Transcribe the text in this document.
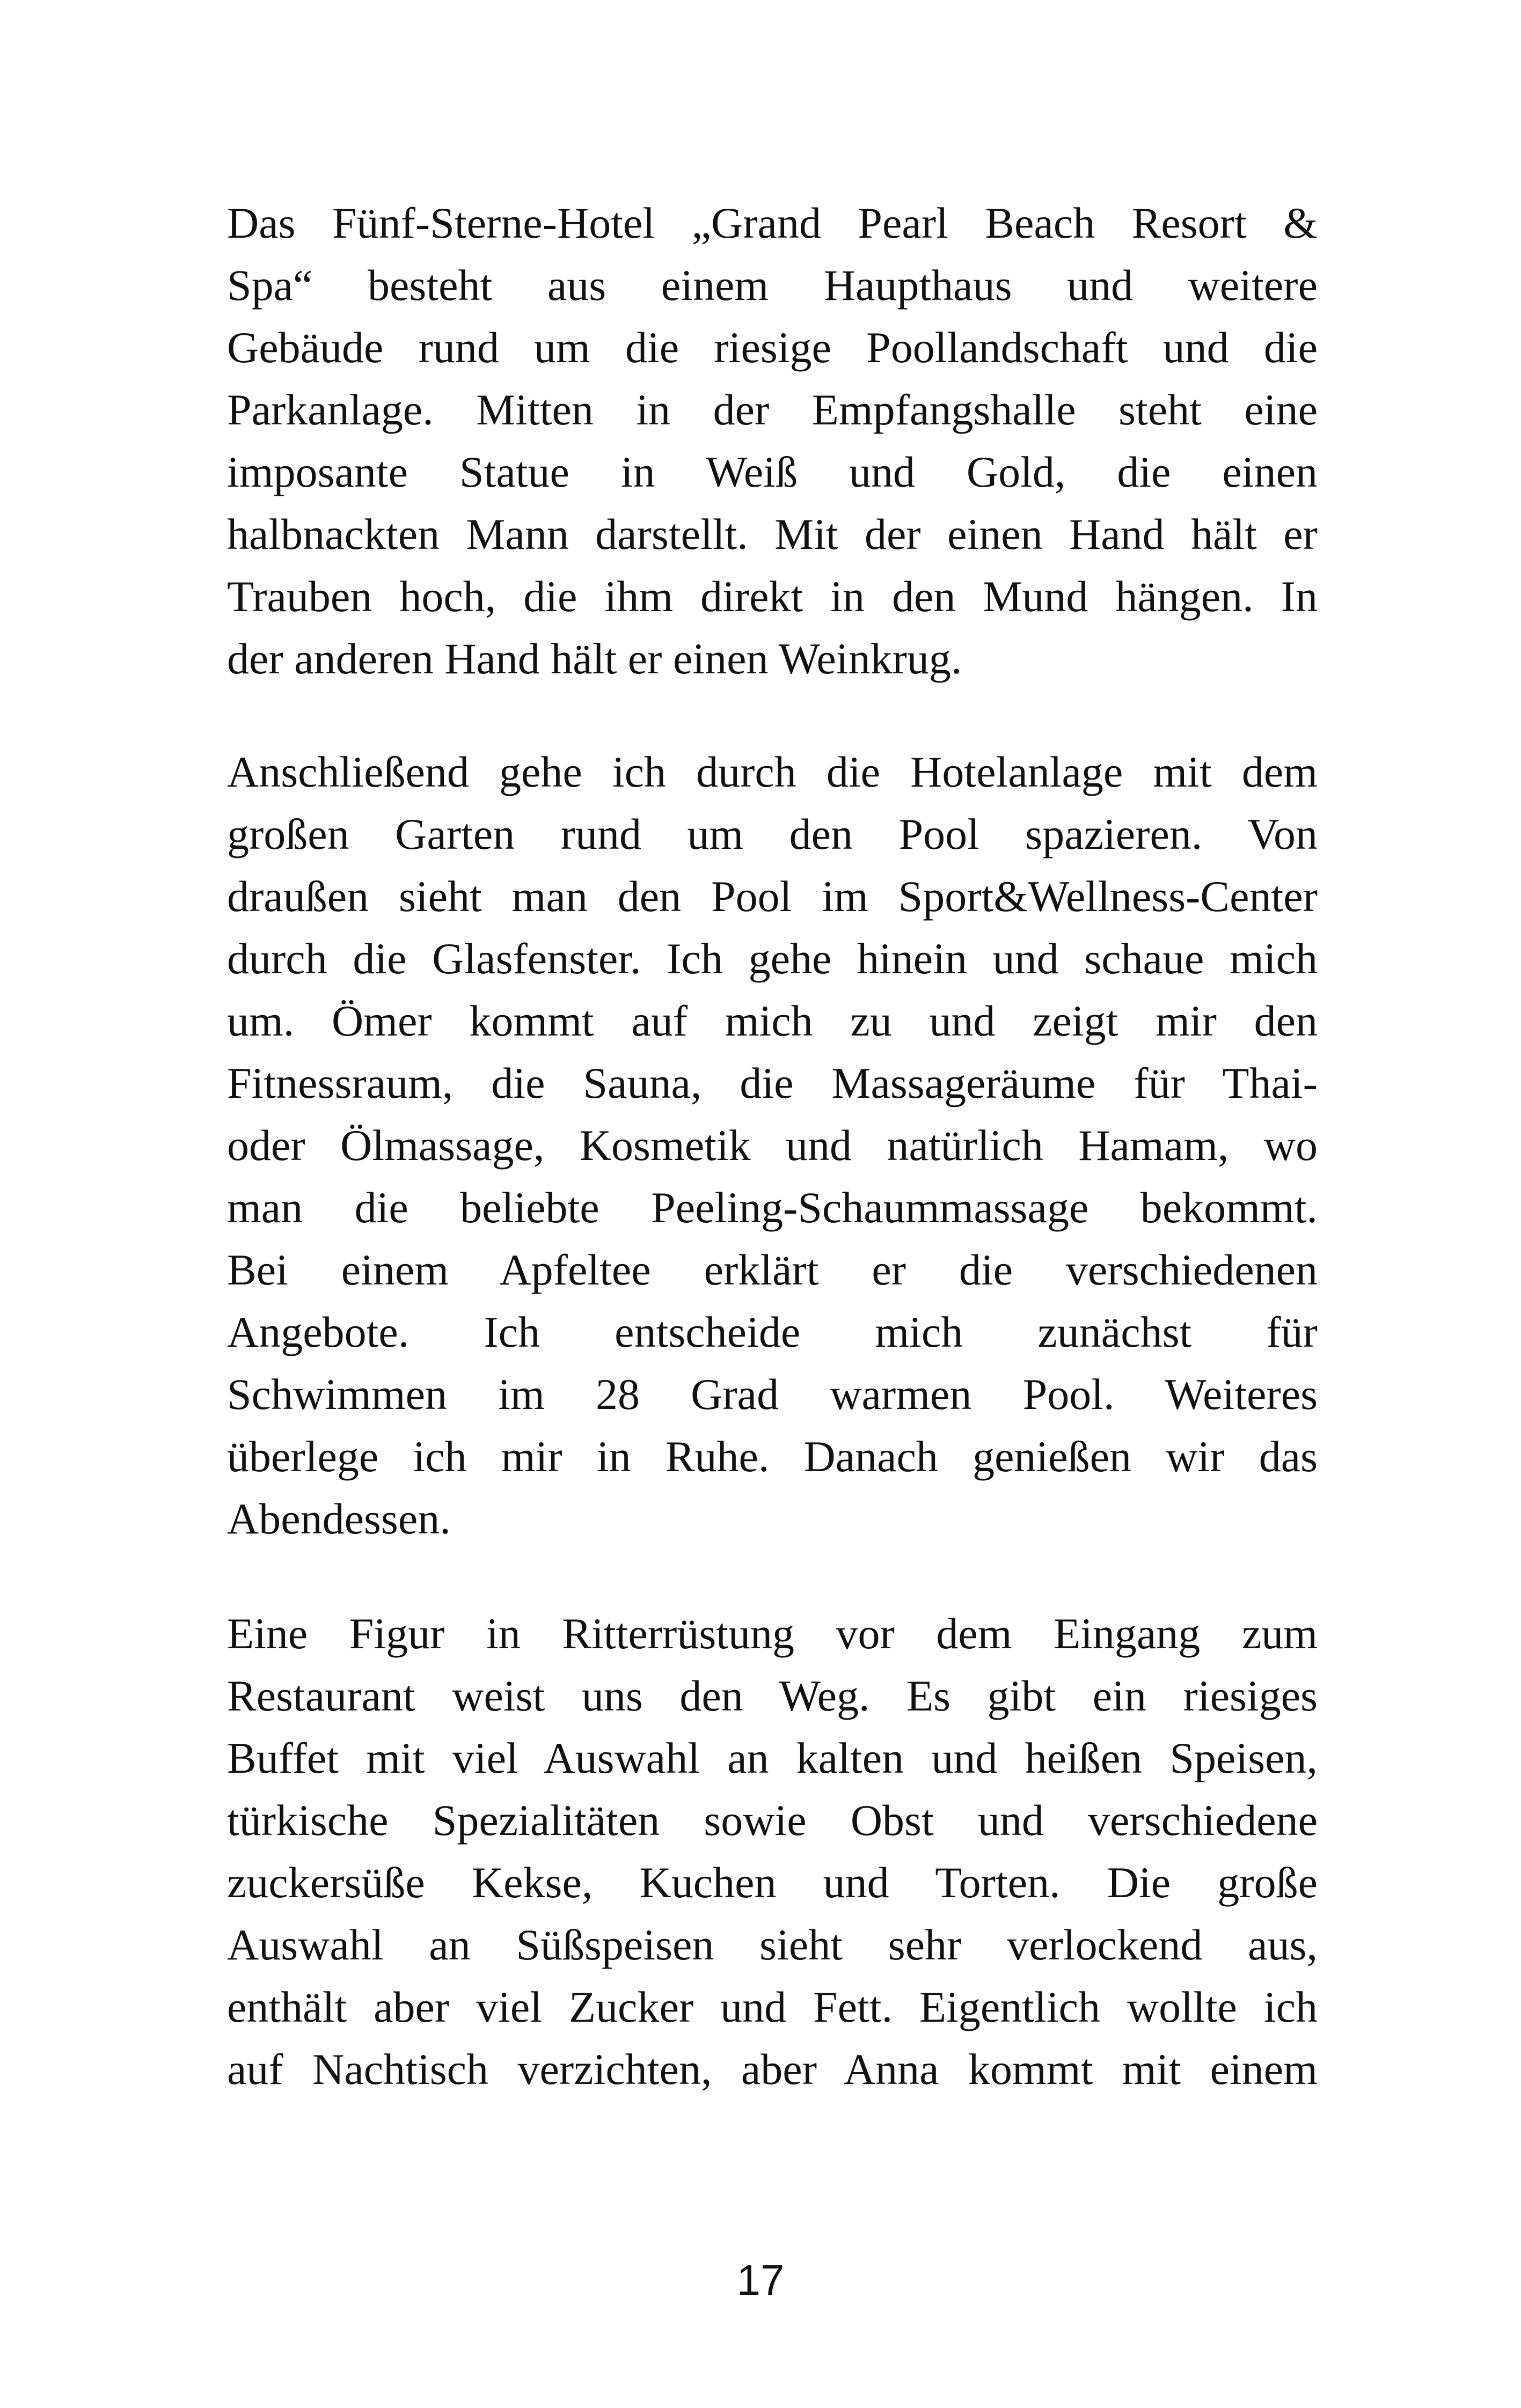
Das Fünf-Sterne-Hotel „Grand Pearl Beach Resort &
Spa“ besteht aus einem Haupthaus und weitere
Gebäude rund um die riesige Poollandschaft und die
Parkanlage. Mitten in der Empfangshalle steht eine
imposante Statue in Weiß und Gold, die einen
halbnackten Mann darstellt. Mit der einen Hand hält er
Trauben hoch, die ihm direkt in den Mund hängen. In
der anderen Hand hält er einen Weinkrug.
Anschließend gehe ich durch die Hotelanlage mit dem
großen Garten rund um den Pool spazieren. Von
draußen sieht man den Pool im Sport&Wellness-Center
durch die Glasfenster. Ich gehe hinein und schaue mich
um. Ömer kommt auf mich zu und zeigt mir den
Fitnessraum, die Sauna, die Massageräume für Thai-
oder Ölmassage, Kosmetik und natürlich Hamam, wo
man die beliebte Peeling-Schaummassage bekommt.
Bei einem Apfeltee erklärt er die verschiedenen
Angebote. Ich entscheide mich zunächst für
Schwimmen im 28 Grad warmen Pool. Weiteres
überlege ich mir in Ruhe. Danach genießen wir das
Abendessen.
Eine Figur in Ritterrüstung vor dem Eingang zum
Restaurant weist uns den Weg. Es gibt ein riesiges
Buffet mit viel Auswahl an kalten und heißen Speisen,
türkische Spezialitäten sowie Obst und verschiedene
zuckersüße Kekse, Kuchen und Torten. Die große
Auswahl an Süßspeisen sieht sehr verlockend aus,
enthält aber viel Zucker und Fett. Eigentlich wollte ich
auf Nachtisch verzichten, aber Anna kommt mit einem
17
